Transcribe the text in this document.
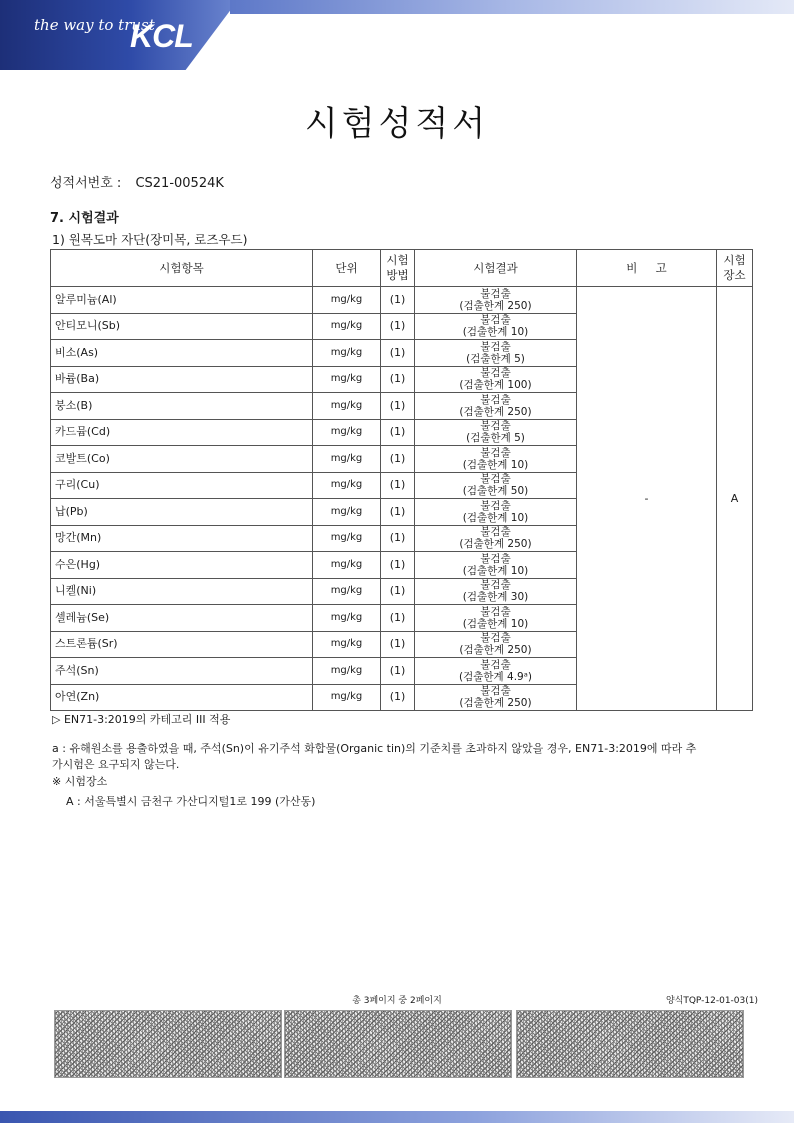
the way to trust
KCL
시험성적서
성적서번호 : CS21-00524K
7. 시험결과
1) 원목도마 자단(장미목, 로즈우드)
시험항목	단위	시험
방법	시험결과	비     고	시험
장소
알루미늄(Al)	mg/kg	(1)	불검출
(검출한계 250)	-	A
안티모니(Sb)	mg/kg	(1)	불검출
(검출한계 10)		
비소(As)	mg/kg	(1)	불검출
(검출한계 5)		
바륨(Ba)	mg/kg	(1)	불검출
(검출한계 100)		
붕소(B)	mg/kg	(1)	불검출
(검출한계 250)		
카드뮴(Cd)	mg/kg	(1)	불검출
(검출한계 5)		
코발트(Co)	mg/kg	(1)	불검출
(검출한계 10)		
구리(Cu)	mg/kg	(1)	불검출
(검출한계 50)		
납(Pb)	mg/kg	(1)	불검출
(검출한계 10)		
망간(Mn)	mg/kg	(1)	불검출
(검출한계 250)		
수은(Hg)	mg/kg	(1)	불검출
(검출한계 10)		
니켈(Ni)	mg/kg	(1)	불검출
(검출한계 30)		
셀레늄(Se)	mg/kg	(1)	불검출
(검출한계 10)		
스트론튬(Sr)	mg/kg	(1)	불검출
(검출한계 250)		
주석(Sn)	mg/kg	(1)	불검출
(검출한계 4.9ᵃ)		
아연(Zn)	mg/kg	(1)	불검출
(검출한계 250)		
▷ EN71-3:2019의 카테고리 III 적용
a : 유해원소를 용출하였을 때, 주석(Sn)이 유기주석 화합물(Organic tin)의 기준치를 초과하지 않았을 경우, EN71-3:2019에 따라 추
가시험은 요구되지 않는다.
※ 시험장소
A : 서울특별시 금천구 가산디지털1로 199 (가산동)
총 3페이지 중 2페이지	양식TQP-12-01-03(1)
